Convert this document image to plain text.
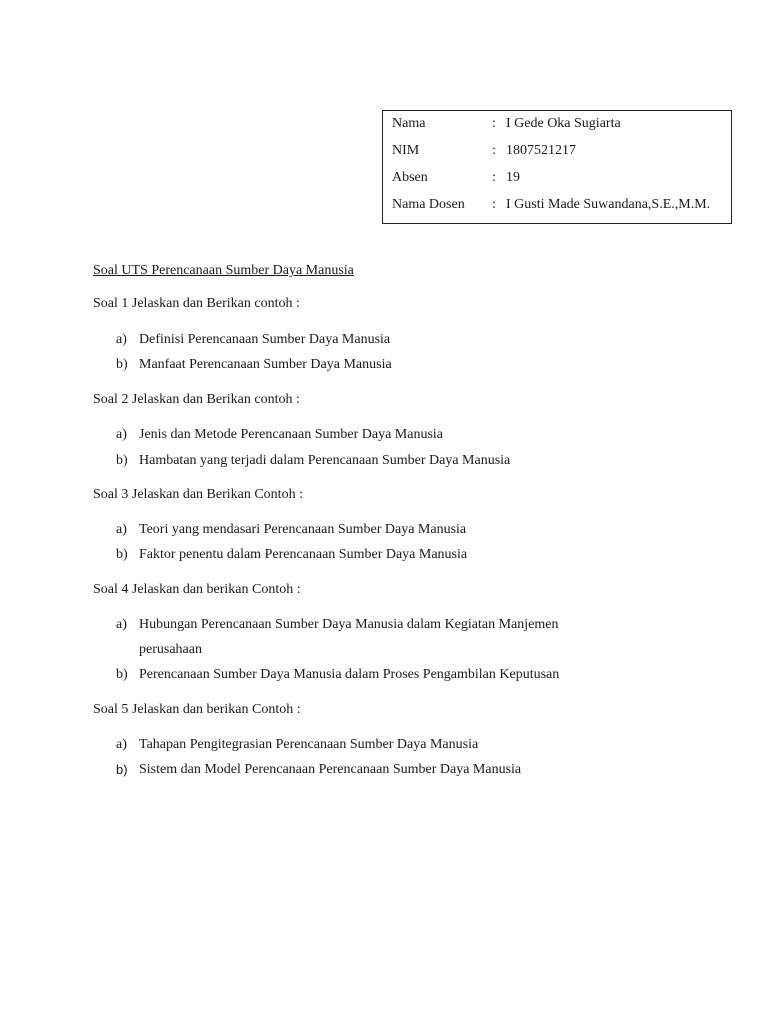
Nama	: I Gede Oka Sugiarta
NIM	: 1807521217
Absen	: 19
Nama Dosen	: I Gusti Made Suwandana,S.E.,M.M.
Soal UTS Perencanaan Sumber Daya Manusia
Soal 1 Jelaskan dan Berikan contoh :
a) Definisi Perencanaan Sumber Daya Manusia
b) Manfaat Perencanaan Sumber Daya Manusia
Soal 2 Jelaskan dan Berikan contoh :
a) Jenis dan Metode Perencanaan Sumber Daya Manusia
b) Hambatan yang terjadi dalam Perencanaan Sumber Daya Manusia
Soal 3 Jelaskan dan Berikan Contoh :
a) Teori yang mendasari Perencanaan Sumber Daya Manusia
b) Faktor penentu dalam Perencanaan Sumber Daya Manusia
Soal 4 Jelaskan dan berikan Contoh :
a) Hubungan Perencanaan Sumber Daya Manusia dalam Kegiatan Manjemen
perusahaan
b) Perencanaan Sumber Daya Manusia dalam Proses Pengambilan Keputusan
Soal 5 Jelaskan dan berikan Contoh :
a) Tahapan Pengitegrasian Perencanaan Sumber Daya Manusia
b) Sistem dan Model Perencanaan Perencanaan Sumber Daya Manusia
